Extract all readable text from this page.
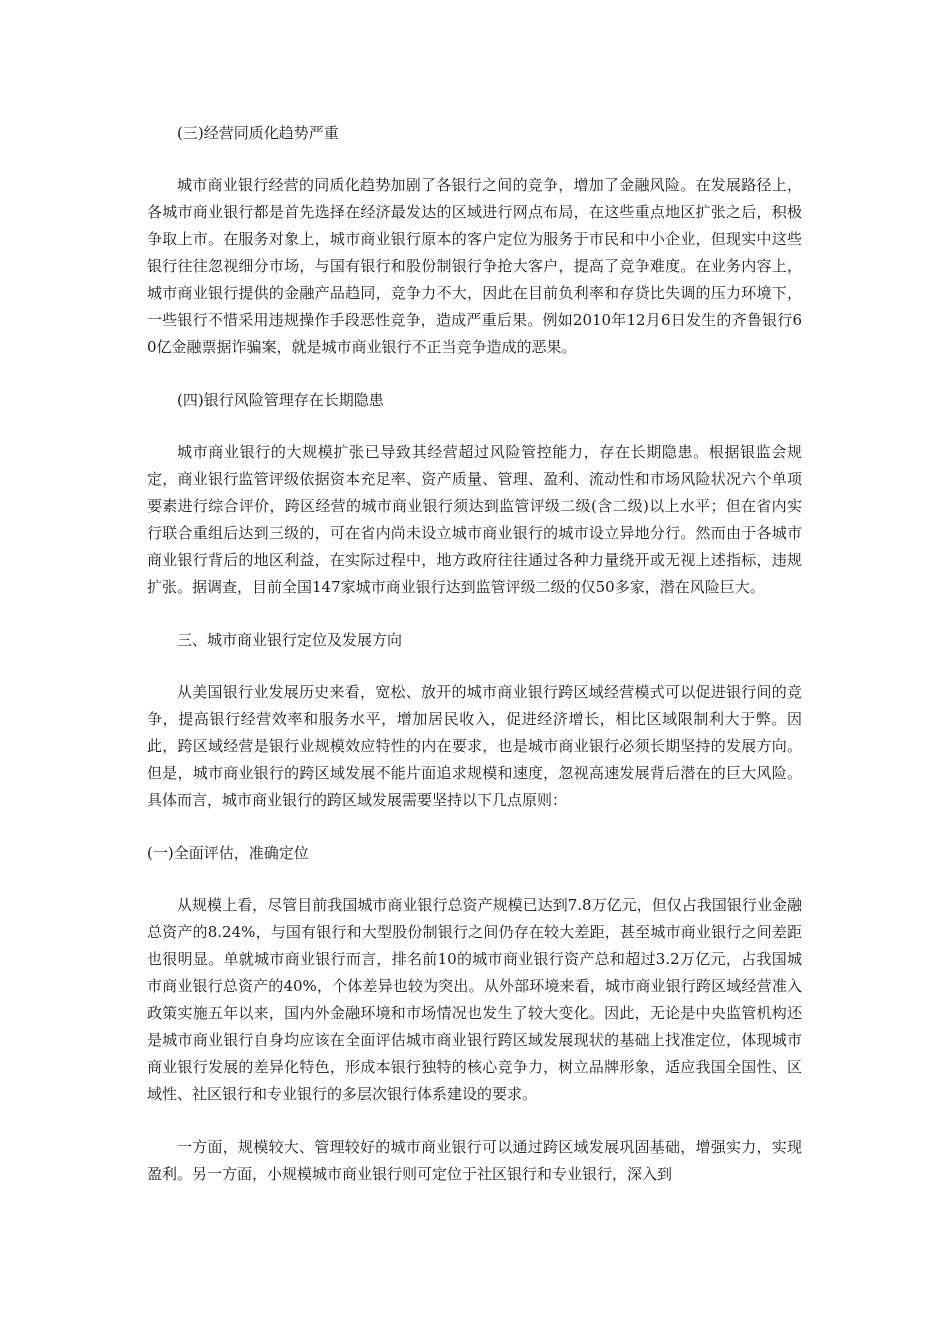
(三)经营同质化趋势严重

城市商业银行经营的同质化趋势加剧了各银行之间的竞争，增加了金融风险。在发展路径上，各城市商业银行都是首先选择在经济最发达的区域进行网点布局，在这些重点地区扩张之后，积极争取上市。在服务对象上，城市商业银行原本的客户定位为服务于市民和中小企业，但现实中这些银行往往忽视细分市场，与国有银行和股份制银行争抢大客户，提高了竞争难度。在业务内容上，城市商业银行提供的金融产品趋同，竞争力不大，因此在目前负利率和存贷比失调的压力环境下，一些银行不惜采用违规操作手段恶性竞争，造成严重后果。例如2010年12月6日发生的齐鲁银行60亿金融票据诈骗案，就是城市商业银行不正当竞争造成的恶果。

(四)银行风险管理存在长期隐患

城市商业银行的大规模扩张已导致其经营超过风险管控能力，存在长期隐患。根据银监会规定，商业银行监管评级依据资本充足率、资产质量、管理、盈利、流动性和市场风险状况六个单项要素进行综合评价，跨区经营的城市商业银行须达到监管评级二级(含二级)以上水平；但在省内实行联合重组后达到三级的，可在省内尚未设立城市商业银行的城市设立异地分行。然而由于各城市商业银行背后的地区利益，在实际过程中，地方政府往往通过各种力量绕开或无视上述指标，违规扩张。据调查，目前全国147家城市商业银行达到监管评级二级的仅50多家，潜在风险巨大。

三、城市商业银行定位及发展方向

从美国银行业发展历史来看，宽松、放开的城市商业银行跨区域经营模式可以促进银行间的竞争，提高银行经营效率和服务水平，增加居民收入，促进经济增长，相比区域限制利大于弊。因此，跨区域经营是银行业规模效应特性的内在要求，也是城市商业银行必须长期坚持的发展方向。但是，城市商业银行的跨区域发展不能片面追求规模和速度，忽视高速发展背后潜在的巨大风险。具体而言，城市商业银行的跨区域发展需要坚持以下几点原则：

(一)全面评估，准确定位

从规模上看，尽管目前我国城市商业银行总资产规模已达到7.8万亿元，但仅占我国银行业金融总资产的8.24%，与国有银行和大型股份制银行之间仍存在较大差距，甚至城市商业银行之间差距也很明显。单就城市商业银行而言，排名前10的城市商业银行资产总和超过3.2万亿元，占我国城市商业银行总资产的40%，个体差异也较为突出。从外部环境来看，城市商业银行跨区域经营准入政策实施五年以来，国内外金融环境和市场情况也发生了较大变化。因此，无论是中央监管机构还是城市商业银行自身均应该在全面评估城市商业银行跨区域发展现状的基础上找准定位，体现城市商业银行发展的差异化特色，形成本银行独特的核心竞争力，树立品牌形象，适应我国全国性、区域性、社区银行和专业银行的多层次银行体系建设的要求。

一方面，规模较大、管理较好的城市商业银行可以通过跨区域发展巩固基础，增强实力，实现盈利。另一方面，小规模城市商业银行则可定位于社区银行和专业银行，深入到
